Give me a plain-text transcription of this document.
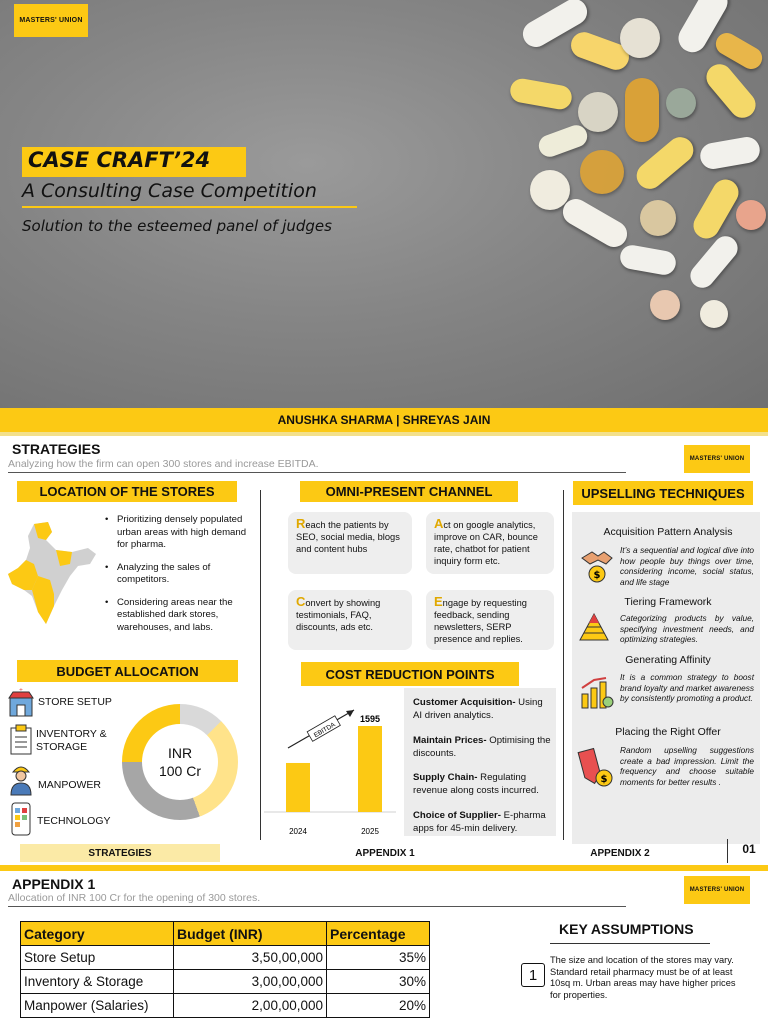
MASTERS' UNION
CASE CRAFT’24
A Consulting Case Competition
Solution to the esteemed panel of judges
ANUSHKA SHARMA | SHREYAS JAIN
STRATEGIES
Analyzing how the firm can open 300 stores and increase EBITDA.	MASTERS' UNION
LOCATION OF THE STORES
• Prioritizing densely populated urban areas with high demand for pharma.
• Analyzing the sales of competitors.
• Considering areas near the established dark stores, warehouses, and labs.
OMNI-PRESENT CHANNEL
Reach the patients by SEO, social media, blogs and content hubs
Act on google analytics, improve on CAR, bounce rate, chatbot for patient inquiry form etc.
Convert by showing testimonials, FAQ, discounts, ads etc.
Engage by requesting feedback, sending newsletters, SERP presence and replies.
UPSELLING TECHNIQUES
Acquisition Pattern Analysis
$
It’s a sequential and logical dive into how people buy things over time, considering income, social status, and life stage
Tiering Framework
Categorizing products by value, specifying investment needs, and optimizing strategies.
Generating Affinity
It is a common strategy to boost brand loyalty and market awareness by consistently promoting a product.
Placing the Right Offer
$
Random upselling suggestions create a bad impression. Limit the frequency and choose suitable moments for better results .
BUDGET ALLOCATION
+
STORE SETUP
INVENTORY & STORAGE
MANPOWER
TECHNOLOGY
INR
100 Cr
COST REDUCTION POINTS
2024	2025
1595
EBITDA
Customer Acquisition- Using AI driven analytics.
Maintain Prices- Optimising the discounts.
Supply Chain- Regulating revenue along costs incurred.
Choice of Supplier- E-pharma apps for 45-min delivery.
STRATEGIES	APPENDIX 1	APPENDIX 2	01
APPENDIX 1
Allocation of INR 100 Cr for the opening of 300 stores.
MASTERS' UNION
Category	Budget (INR)	Percentage
Store Setup	3,50,00,000	35%
Inventory & Storage	3,00,00,000	30%
Manpower (Salaries)	2,00,00,000	20%
KEY ASSUMPTIONS
1
The size and location of the stores may vary. Standard retail pharmacy must be of at least 10sq m. Urban areas may have higher prices for properties.
